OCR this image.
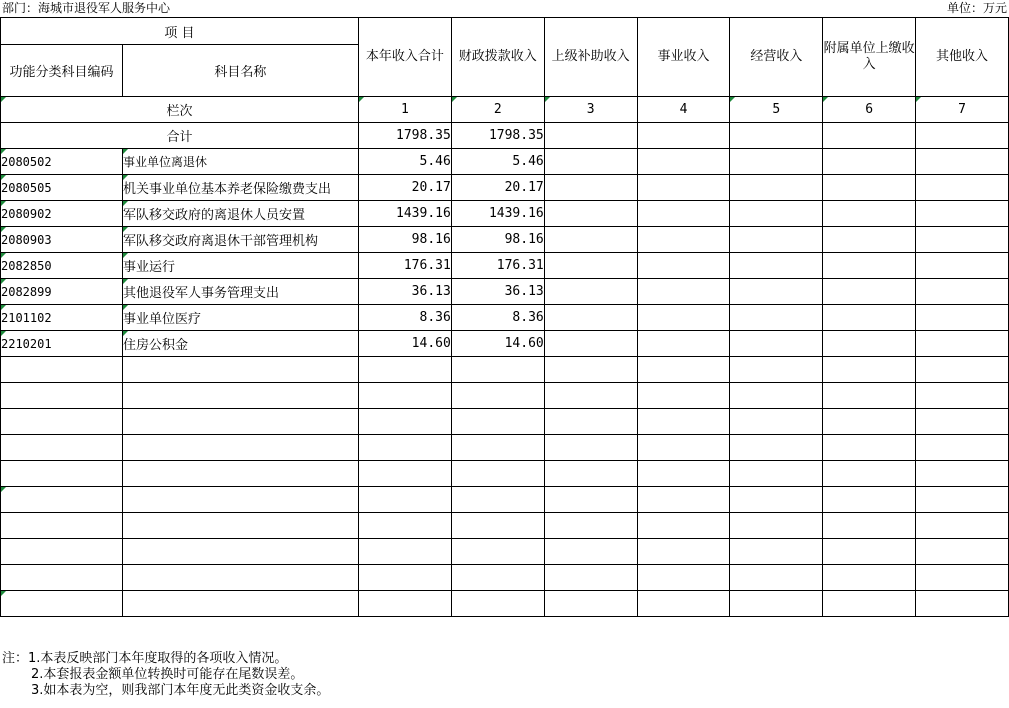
部门：海城市退役军人服务中心	单位：万元
项 目		本年收入合计	财政拨款收入	上级补助收入	事业收入	经营收入	附属单位上缴收入	其他收入
功能分类科目编码	科目名称							
栏次		1	2	3	4	5	6	7
合计		1798.35	1798.35					
2080502	事业单位离退休	5.46	5.46					
2080505	机关事业单位基本养老保险缴费支出	20.17	20.17					
2080902	军队移交政府的离退休人员安置	1439.16	1439.16					
2080903	军队移交政府离退休干部管理机构	98.16	98.16					
2082850	事业运行	176.31	176.31					
2082899	其他退役军人事务管理支出	36.13	36.13					
2101102	事业单位医疗	8.36	8.36					
2210201	住房公积金	14.60	14.60					

注：1.本表反映部门本年度取得的各项收入情况。
2.本套报表金额单位转换时可能存在尾数误差。
3.如本表为空，则我部门本年度无此类资金收支余。
